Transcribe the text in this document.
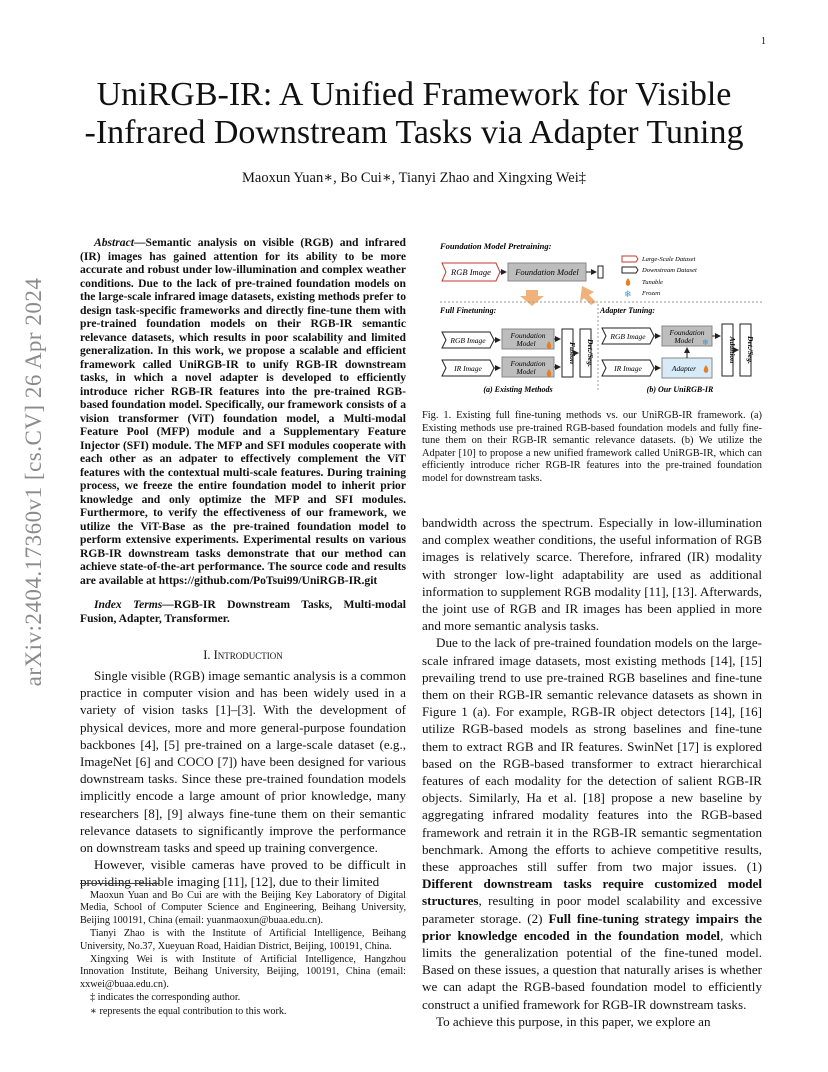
1
UniRGB-IR: A Unified Framework for Visible
-Infrared Downstream Tasks via Adapter Tuning
Maoxun Yuan∗, Bo Cui∗, Tianyi Zhao and Xingxing Wei‡
arXiv:2404.17360v1 [cs.CV] 26 Apr 2024
Abstract—Semantic analysis on visible (RGB) and infrared (IR) images has gained attention for its ability to be more accurate and robust under low-illumination and complex weather conditions. Due to the lack of pre-trained foundation models on the large-scale infrared image datasets, existing methods prefer to design task-specific frameworks and directly fine-tune them with pre-trained foundation models on their RGB-IR semantic relevance datasets, which results in poor scalability and limited generalization. In this work, we propose a scalable and efficient framework called UniRGB-IR to unify RGB-IR downstream tasks, in which a novel adapter is developed to efficiently introduce richer RGB-IR features into the pre-trained RGB-based foundation model. Specifically, our framework consists of a vision transformer (ViT) foundation model, a Multi-modal Feature Pool (MFP) module and a Supplementary Feature Injector (SFI) module. The MFP and SFI modules cooperate with each other as an adpater to effectively complement the ViT features with the contextual multi-scale features. During training process, we freeze the entire foundation model to inherit prior knowledge and only optimize the MFP and SFI modules. Furthermore, to verify the effectiveness of our framework, we utilize the ViT-Base as the pre-trained foundation model to perform extensive experiments. Experimental results on various RGB-IR downstream tasks demonstrate that our method can achieve state-of-the-art performance. The source code and results are available at https://github.com/PoTsui99/UniRGB-IR.git
Index Terms—RGB-IR Downstream Tasks, Multi-modal Fusion, Adapter, Transformer.
I. Introduction

Single visible (RGB) image semantic analysis is a common practice in computer vision and has been widely used in a variety of vision tasks [1]–[3]. With the development of physical devices, more and more general-purpose foundation backbones [4], [5] pre-trained on a large-scale dataset (e.g., ImageNet [6] and COCO [7]) have been designed for various downstream tasks. Since these pre-trained foundation models implicitly encode a large amount of prior knowledge, many researchers [8], [9] always fine-tune them on their semantic relevance datasets to significantly improve the performance on downstream tasks and speed up training convergence.

However, visible cameras have proved to be difficult in providing reliable imaging [11], [12], due to their limited

Maoxun Yuan and Bo Cui are with the Beijing Key Laboratory of Digital Media, School of Computer Science and Engineering, Beihang University, Beijing 100191, China (email: yuanmaoxun@buaa.edu.cn).

Tianyi Zhao is with the Institute of Artificial Intelligence, Beihang University, No.37, Xueyuan Road, Haidian District, Beijing, 100191, China.

Xingxing Wei is with Institute of Artificial Intelligence, Hangzhou Innovation Institute, Beihang University, Beijing, 100191, China (email: xxwei@buaa.edu.cn).

‡ indicates the corresponding author.

∗ represents the equal contribution to this work.

Foundation Model Pretraining:
RGB Image	Foundation Model
Large-Scale Dataset
Downstream Dataset
Tunable
❄ Frozen
Full Finetuning:	Adapter Tuning:
RGB Image
IR Image
Foundation
Model
Foundation
Model
Fusion Det./Seg.
(a) Existing Methods
RGB Image
IR Image
Foundation
Model ❄
Adapter
Addition Det./Seg.
(b) Our UniRGB-IR
Fig. 1. Existing full fine-tuning methods vs. our UniRGB-IR framework. (a) Existing methods use pre-trained RGB-based foundation models and fully fine-tune them on their RGB-IR semantic relevance datasets. (b) We utilize the Adpater [10] to propose a new unified framework called UniRGB-IR, which can efficiently introduce richer RGB-IR features into the pre-trained foundation model for downstream tasks.

bandwidth across the spectrum. Especially in low-illumination and complex weather conditions, the useful information of RGB images is relatively scarce. Therefore, infrared (IR) modality with stronger low-light adaptability are used as additional information to supplement RGB modality [11], [13]. Afterwards, the joint use of RGB and IR images has been applied in more and more semantic analysis tasks.

Due to the lack of pre-trained foundation models on the large-scale infrared image datasets, most existing methods [14], [15] prevailing trend to use pre-trained RGB baselines and fine-tune them on their RGB-IR semantic relevance datasets as shown in Figure 1 (a). For example, RGB-IR object detectors [14], [16] utilize RGB-based models as strong baselines and fine-tune them to extract RGB and IR features. SwinNet [17] is explored based on the RGB-based transformer to extract hierarchical features of each modality for the detection of salient RGB-IR objects. Similarly, Ha et al. [18] propose a new baseline by aggregating infrared modality features into the RGB-based framework and retrain it in the RGB-IR semantic segmentation benchmark. Among the efforts to achieve competitive results, these approaches still suffer from two major issues. (1) Different downstream tasks require customized model structures, resulting in poor model scalability and excessive parameter storage. (2) Full fine-tuning strategy impairs the prior knowledge encoded in the foundation model, which limits the generalization potential of the fine-tuned model. Based on these issues, a question that naturally arises is whether we can adapt the RGB-based foundation model to efficiently construct a unified framework for RGB-IR downstream tasks.

To achieve this purpose, in this paper, we explore an
